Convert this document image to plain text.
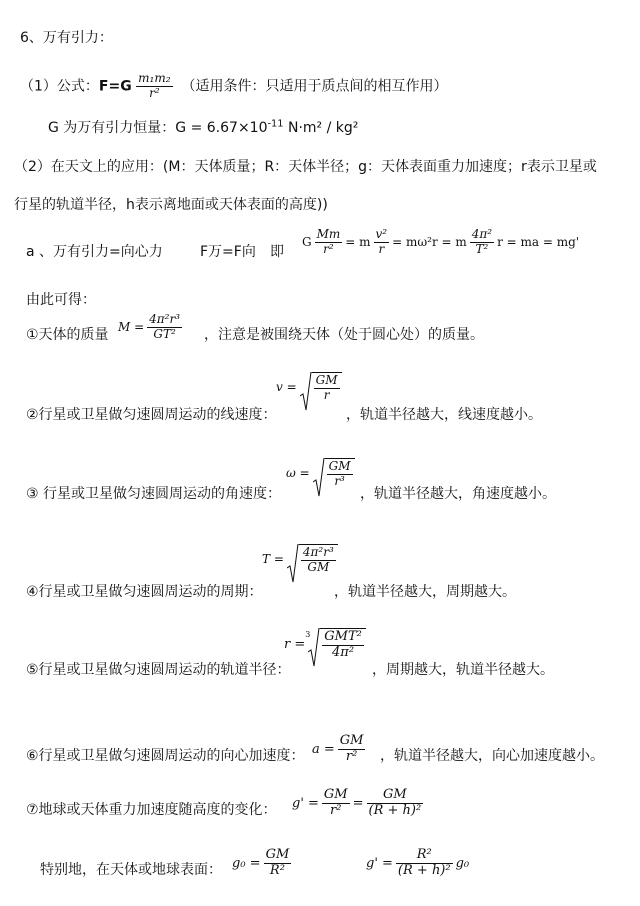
6、万有引力：
（1）公式：$F=G \frac{\text{m₁m₂}}{\text{r²}}$ （适用条件：只适用于质点间的相互作用）
G 为万有引力恒量：$G = 6.67\times 10^{-11}$ N·m² / kg²
（2）在天文上的应用：(M：天体质量；R：天体半径；g：天体表面重力加速度；r表示卫星或
行星的轨道半径，h表示离地面或天体表面的高度))
a 、万有引力=向心力	F万=F向 即
G $\frac{Mm}{\text{r²}} = m \frac{\text{v²}}{r} = m\omega^2r = m \frac{\text{4π²}}{\text{T²}}$ r = ma = mg'
由此可得：
①天体的质量 $M = \frac{\text{4π²r³}}{\text{GT²}}$ ，注意是被围绕天体（处于圆心处）的质量。
$v = \frac{GM}{r}$
②行星或卫星做匀速圆周运动的线速度：	，轨道半径越大，线速度越小。
$\omega = \frac{GM}{\text{r³}}$
③ 行星或卫星做匀速圆周运动的角速度：	，轨道半径越大，角速度越小。
$T = \frac{\text{4π²r³}}{GM}$
④行星或卫星做匀速圆周运动的周期：	，轨道半径越大，周期越大。
r =
$3 \frac{\text{GMT²}}{\text{4π²}}$
⑤行星或卫星做匀速圆周运动的轨道半径：	，周期越大，轨道半径越大。
⑥行星或卫星做匀速圆周运动的向心加速度： $a = \frac{GM}{\text{r²}}$ ，轨道半径越大，向心加速度越小。
⑦地球或天体重力加速度随高度的变化： $g' = \frac{GM}{\text{r²}} = \frac{GM}{\text{(R + h)²}}$
特别地，在天体或地球表面： $g_0 = \frac{GM}{\text{R²}}$	$g' = \frac{\text{R²}}{\text{(R + h)²}} g_0$
